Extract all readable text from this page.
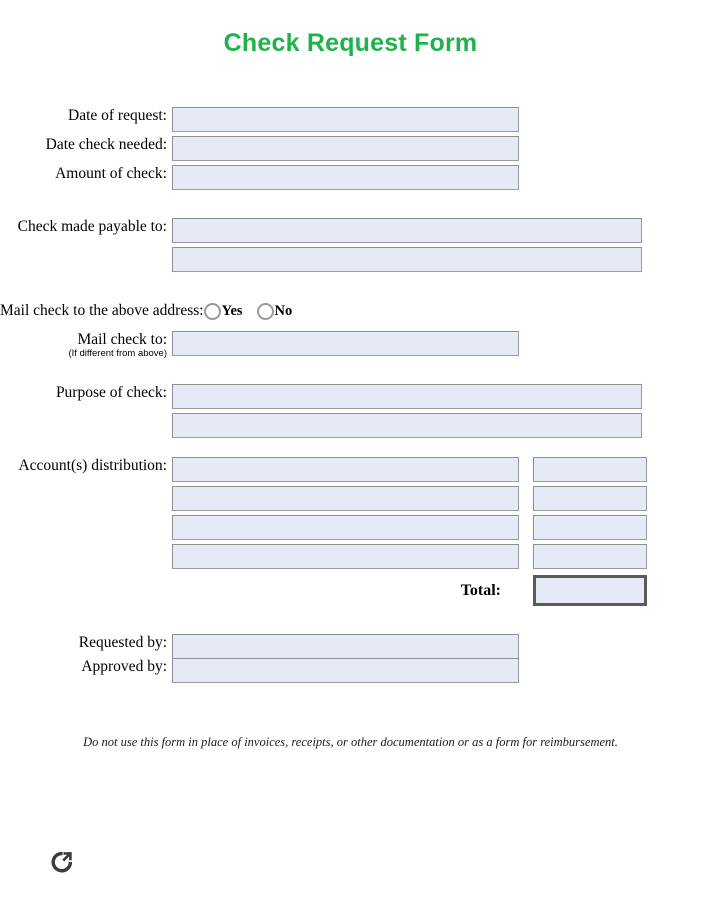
Check Request Form
Date of request:
Date check needed:
Amount of check:
Check made payable to:
Mail check to the above address: Yes No
Mail check to:
(If different from above)
Purpose of check:
Account(s) distribution:
Total:
Requested by:
Approved by:
Do not use this form in place of invoices, receipts, or other documentation or as a form for reimbursement.
